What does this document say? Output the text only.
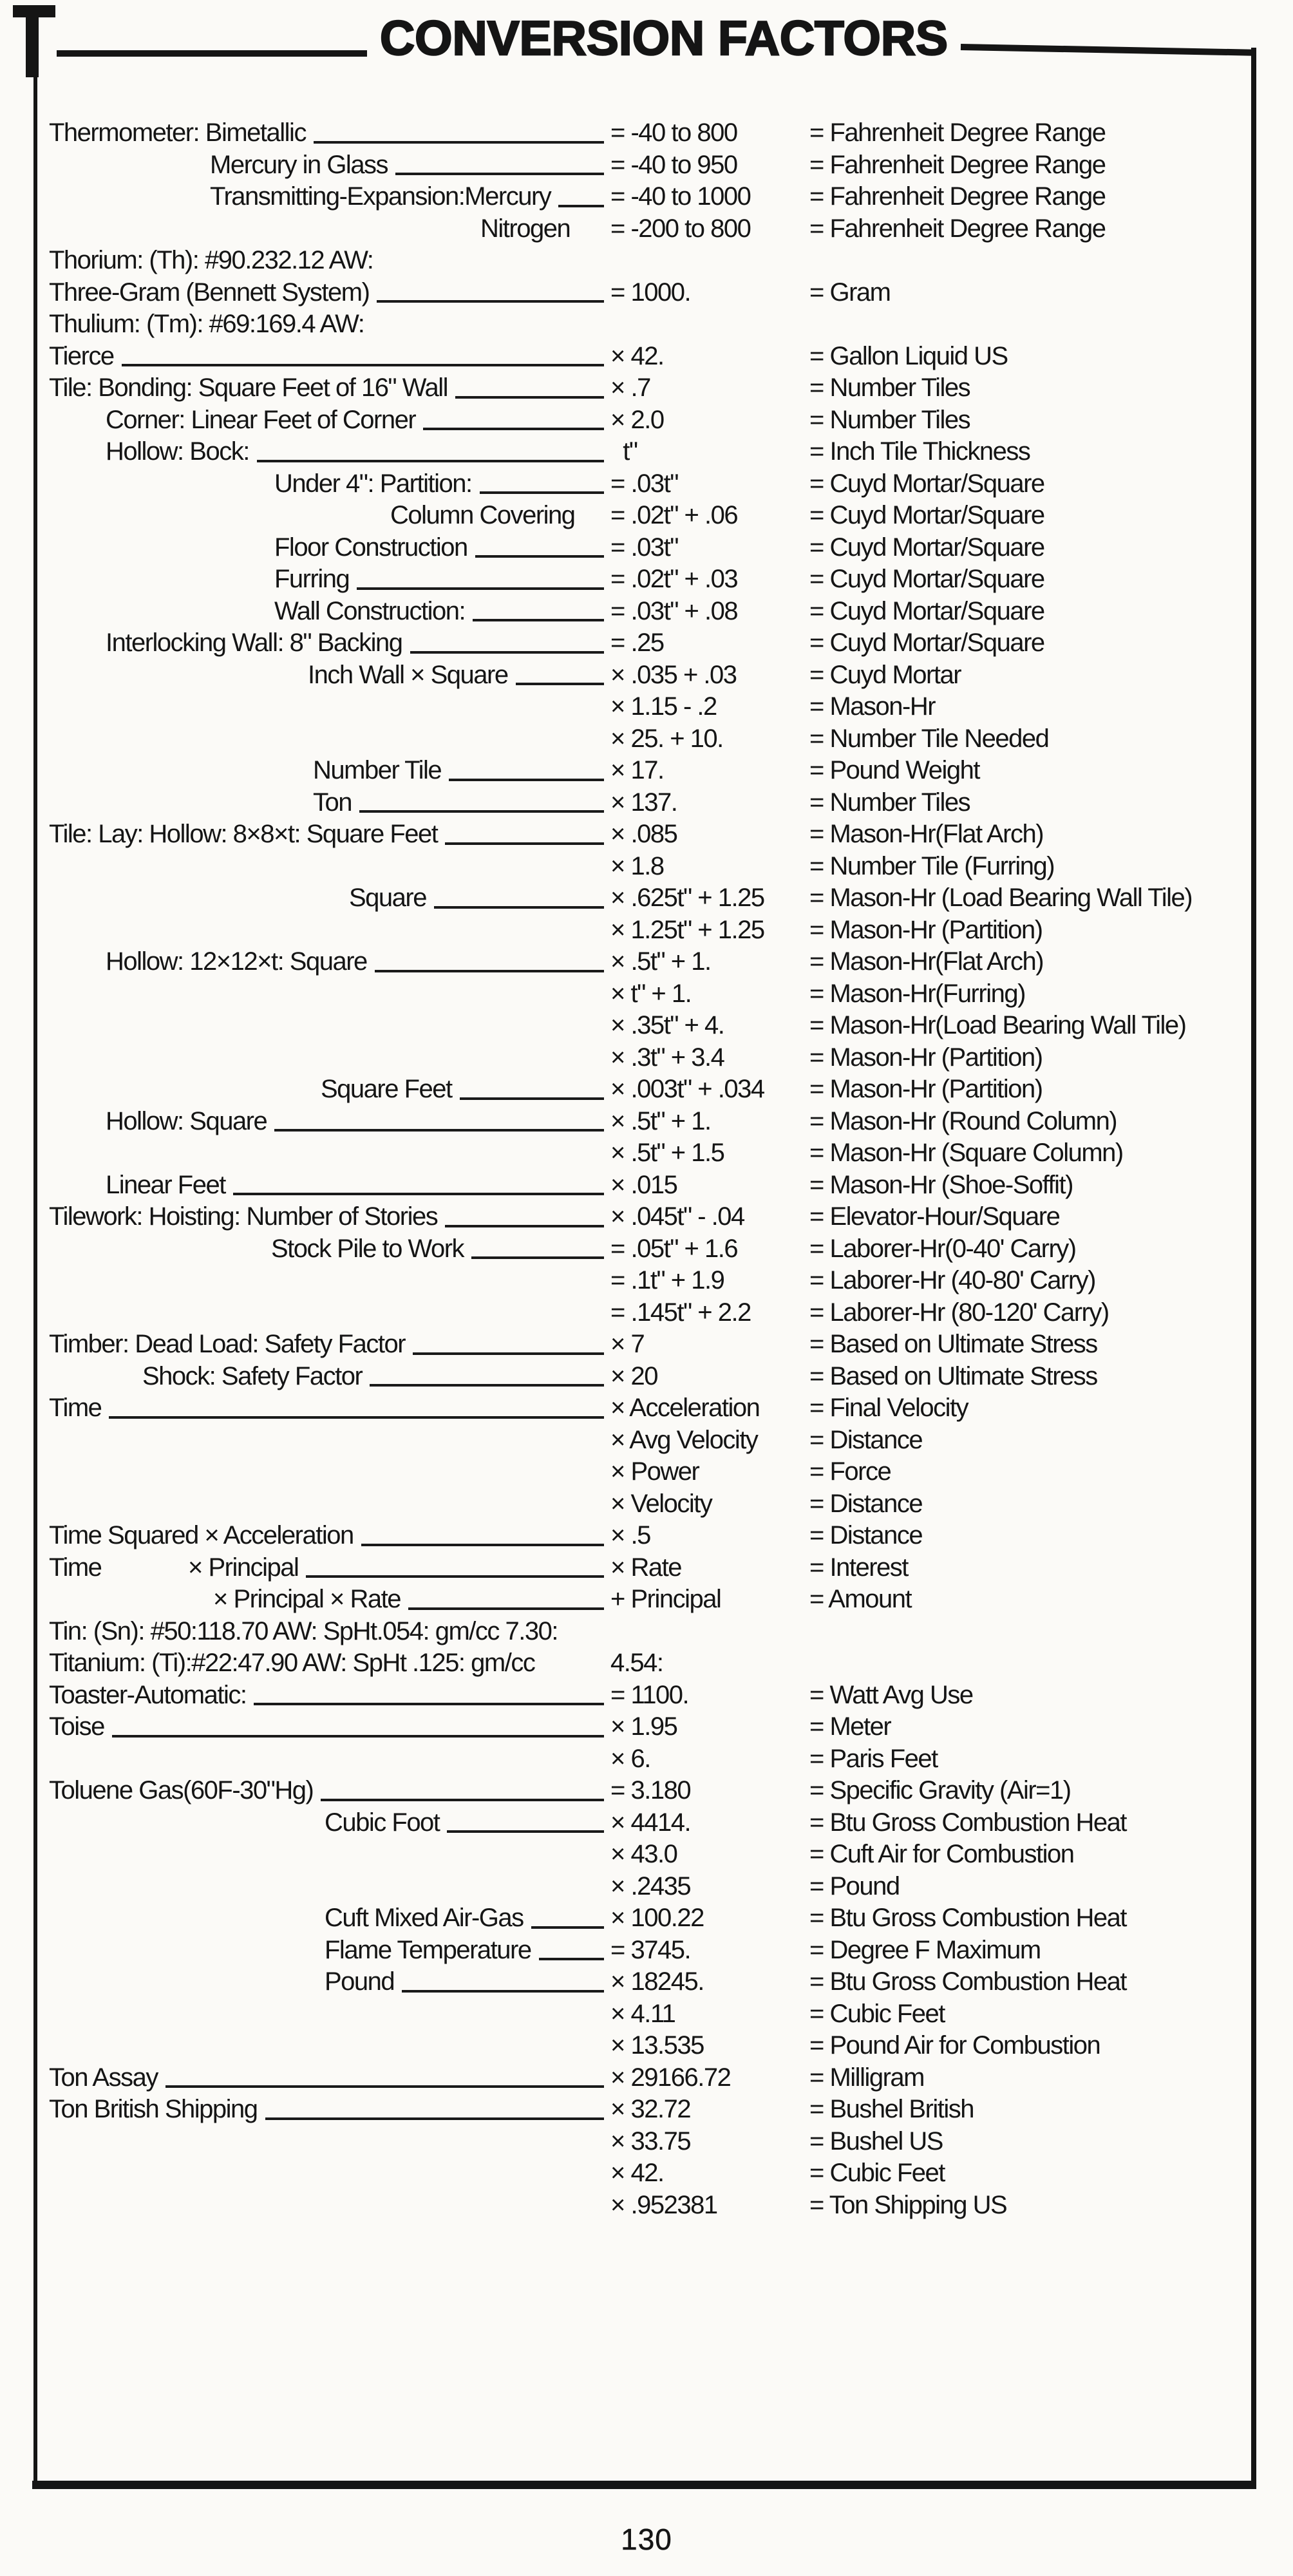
CONVERSION FACTORS
Thermometer: Bimetallic	= -40 to 800	= Fahrenheit Degree Range
Mercury in Glass	= -40 to 950	= Fahrenheit Degree Range
Transmitting-Expansion:Mercury = -40 to 1000	= Fahrenheit Degree Range
Nitrogen = -200 to 800	= Fahrenheit Degree Range
Thorium: (Th): #90.232.12 AW:
Three-Gram (Bennett System)	= 1000.	= Gram
Thulium: (Tm): #69:169.4 AW:
Tierce	× 42.	= Gallon Liquid US
Tile: Bonding: Square Feet of 16" Wall	× .7	= Number Tiles
Corner: Linear Feet of Corner	× 2.0	= Number Tiles
Hollow: Bock:	t"	= Inch Tile Thickness
Under 4": Partition:	= .03t"	= Cuyd Mortar/Square
Column Covering = .02t" + .06	= Cuyd Mortar/Square
Floor Construction	= .03t"	= Cuyd Mortar/Square
Furring	= .02t" + .03	= Cuyd Mortar/Square
Wall Construction:	= .03t" + .08	= Cuyd Mortar/Square
Interlocking Wall: 8" Backing	= .25	= Cuyd Mortar/Square
Inch Wall × Square	× .035 + .03	= Cuyd Mortar
× 1.15 - .2	= Mason-Hr
× 25. + 10.	= Number Tile Needed
Number Tile	× 17.	= Pound Weight
Ton	× 137.	= Number Tiles
Tile: Lay: Hollow: 8×8×t: Square Feet	× .085	= Mason-Hr(Flat Arch)
× 1.8	= Number Tile (Furring)
Square	× .625t" + 1.25	= Mason-Hr (Load Bearing Wall Tile)
× 1.25t" + 1.25	= Mason-Hr (Partition)
Hollow: 12×12×t: Square	× .5t" + 1.	= Mason-Hr(Flat Arch)
× t" + 1.	= Mason-Hr(Furring)
× .35t" + 4.	= Mason-Hr(Load Bearing Wall Tile)
× .3t" + 3.4	= Mason-Hr (Partition)
Square Feet	× .003t" + .034	= Mason-Hr (Partition)
Hollow: Square	× .5t" + 1.	= Mason-Hr (Round Column)
× .5t" + 1.5	= Mason-Hr (Square Column)
Linear Feet	× .015	= Mason-Hr (Shoe-Soffit)
Tilework: Hoisting: Number of Stories	× .045t" - .04	= Elevator-Hour/Square
Stock Pile to Work	= .05t" + 1.6	= Laborer-Hr(0-40' Carry)
= .1t" + 1.9	= Laborer-Hr (40-80' Carry)
= .145t" + 2.2	= Laborer-Hr (80-120' Carry)
Timber: Dead Load: Safety Factor	× 7	= Based on Ultimate Stress
Shock: Safety Factor	× 20	= Based on Ultimate Stress
Time	× Acceleration	= Final Velocity
× Avg Velocity	= Distance
× Power	= Force
× Velocity	= Distance
Time Squared × Acceleration	× .5	= Distance
Time              × Principal	× Rate	= Interest
× Principal × Rate	+ Principal	= Amount
Tin: (Sn): #50:118.70 AW: SpHt.054: gm/cc 7.30:
Titanium: (Ti):#22:47.90 AW: SpHt .125: gm/cc	4.54:
Toaster-Automatic:	= 1100.	= Watt Avg Use
Toise	× 1.95	= Meter
× 6.	= Paris Feet
Toluene Gas(60F-30"Hg)	= 3.180	= Specific Gravity (Air=1)
Cubic Foot	× 4414.	= Btu Gross Combustion Heat
× 43.0	= Cuft Air for Combustion
× .2435	= Pound
Cuft Mixed Air-Gas	× 100.22	= Btu Gross Combustion Heat
Flame Temperature	= 3745.	= Degree F Maximum
Pound	× 18245.	= Btu Gross Combustion Heat
× 4.11	= Cubic Feet
× 13.535	= Pound Air for Combustion
Ton Assay	× 29166.72	= Milligram
Ton British Shipping	× 32.72	= Bushel British
× 33.75	= Bushel US
× 42.	= Cubic Feet
× .952381	= Ton Shipping US
130
